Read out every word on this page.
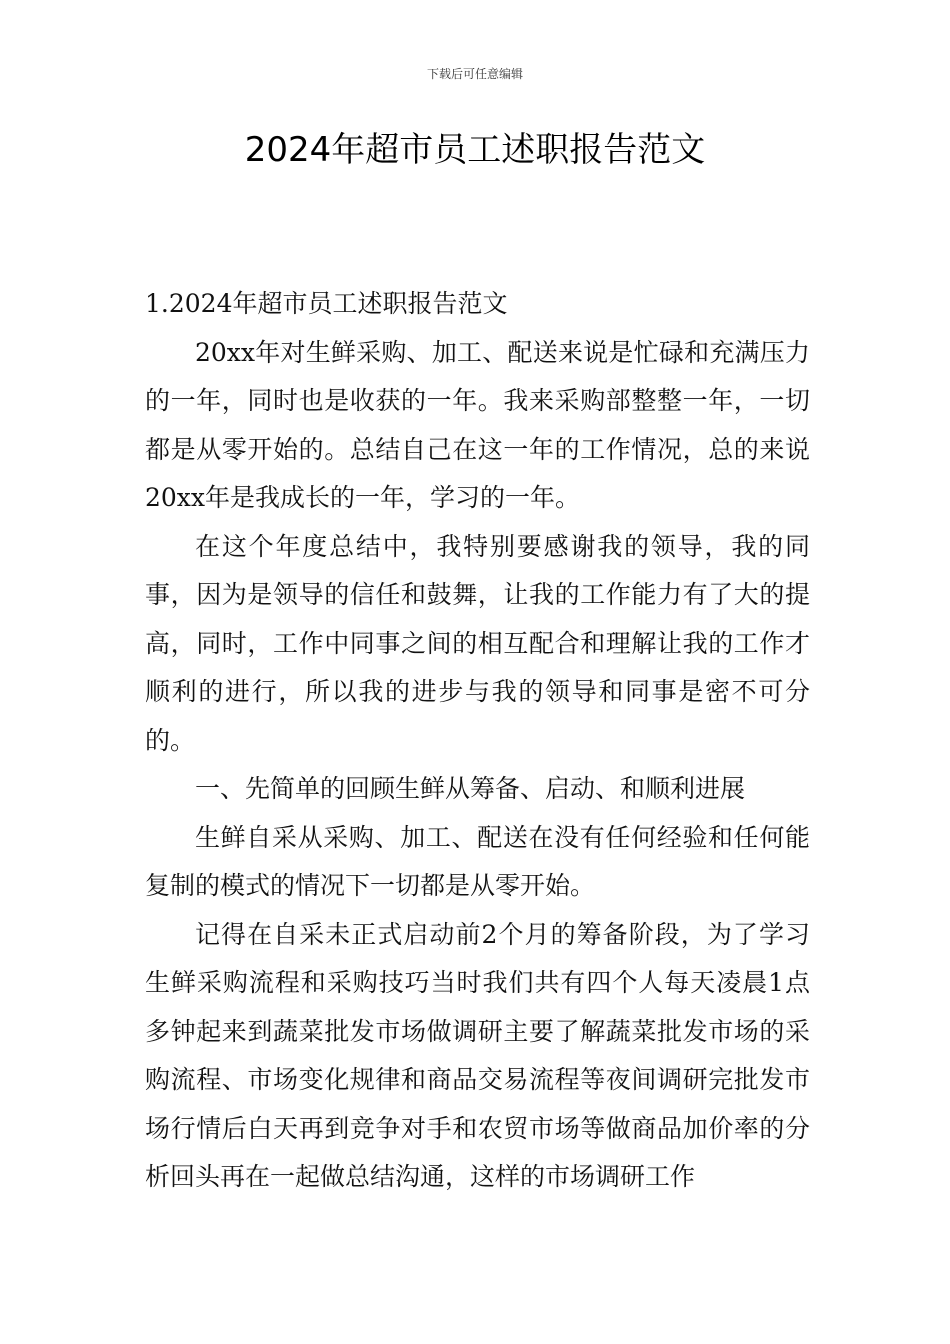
下载后可任意编辑
2024年超市员工述职报告范文

1.2024年超市员工述职报告范文

20xx年对生鲜采购、加工、配送来说是忙碌和充满压力的一年，同时也是收获的一年。我来采购部整整一年，一切都是从零开始的。总结自己在这一年的工作情况，总的来说20xx年是我成长的一年，学习的一年。

在这个年度总结中，我特别要感谢我的领导，我的同事，因为是领导的信任和鼓舞，让我的工作能力有了大的提高，同时，工作中同事之间的相互配合和理解让我的工作才顺利的进行，所以我的进步与我的领导和同事是密不可分的。

一、先简单的回顾生鲜从筹备、启动、和顺利进展

生鲜自采从采购、加工、配送在没有任何经验和任何能复制的模式的情况下一切都是从零开始。

记得在自采未正式启动前2个月的筹备阶段，为了学习生鲜采购流程和采购技巧当时我们共有四个人每天凌晨1点多钟起来到蔬菜批发市场做调研主要了解蔬菜批发市场的采购流程、市场变化规律和商品交易流程等夜间调研完批发市场行情后白天再到竞争对手和农贸市场等做商品加价率的分析回头再在一起做总结沟通，这样的市场调研工作
